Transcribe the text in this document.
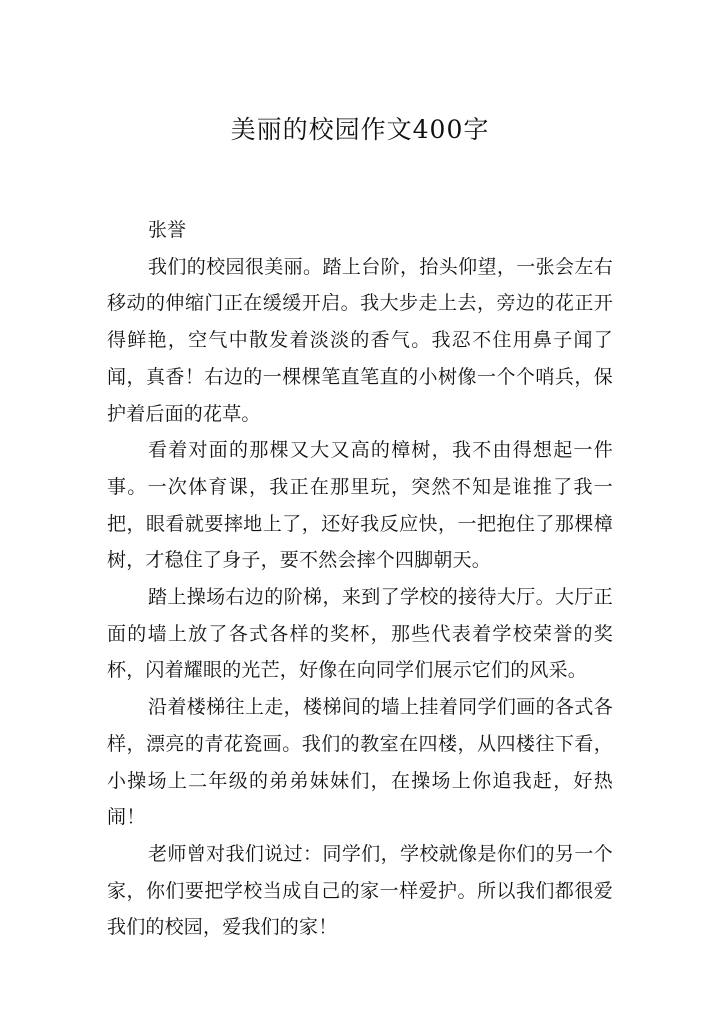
美丽的校园作文400字

张誉

我们的校园很美丽。踏上台阶，抬头仰望，一张会左右移动的伸缩门正在缓缓开启。我大步走上去，旁边的花正开得鲜艳，空气中散发着淡淡的香气。我忍不住用鼻子闻了闻，真香！右边的一棵棵笔直笔直的小树像一个个哨兵，保护着后面的花草。

看着对面的那棵又大又高的樟树，我不由得想起一件事。一次体育课，我正在那里玩，突然不知是谁推了我一把，眼看就要摔地上了，还好我反应快，一把抱住了那棵樟树，才稳住了身子，要不然会摔个四脚朝天。

踏上操场右边的阶梯，来到了学校的接待大厅。大厅正面的墙上放了各式各样的奖杯，那些代表着学校荣誉的奖杯，闪着耀眼的光芒，好像在向同学们展示它们的风采。

沿着楼梯往上走，楼梯间的墙上挂着同学们画的各式各样，漂亮的青花瓷画。我们的教室在四楼，从四楼往下看，小操场上二年级的弟弟妹妹们，在操场上你追我赶，好热闹！

老师曾对我们说过：同学们，学校就像是你们的另一个家，你们要把学校当成自己的家一样爱护。所以我们都很爱我们的校园，爱我们的家！
